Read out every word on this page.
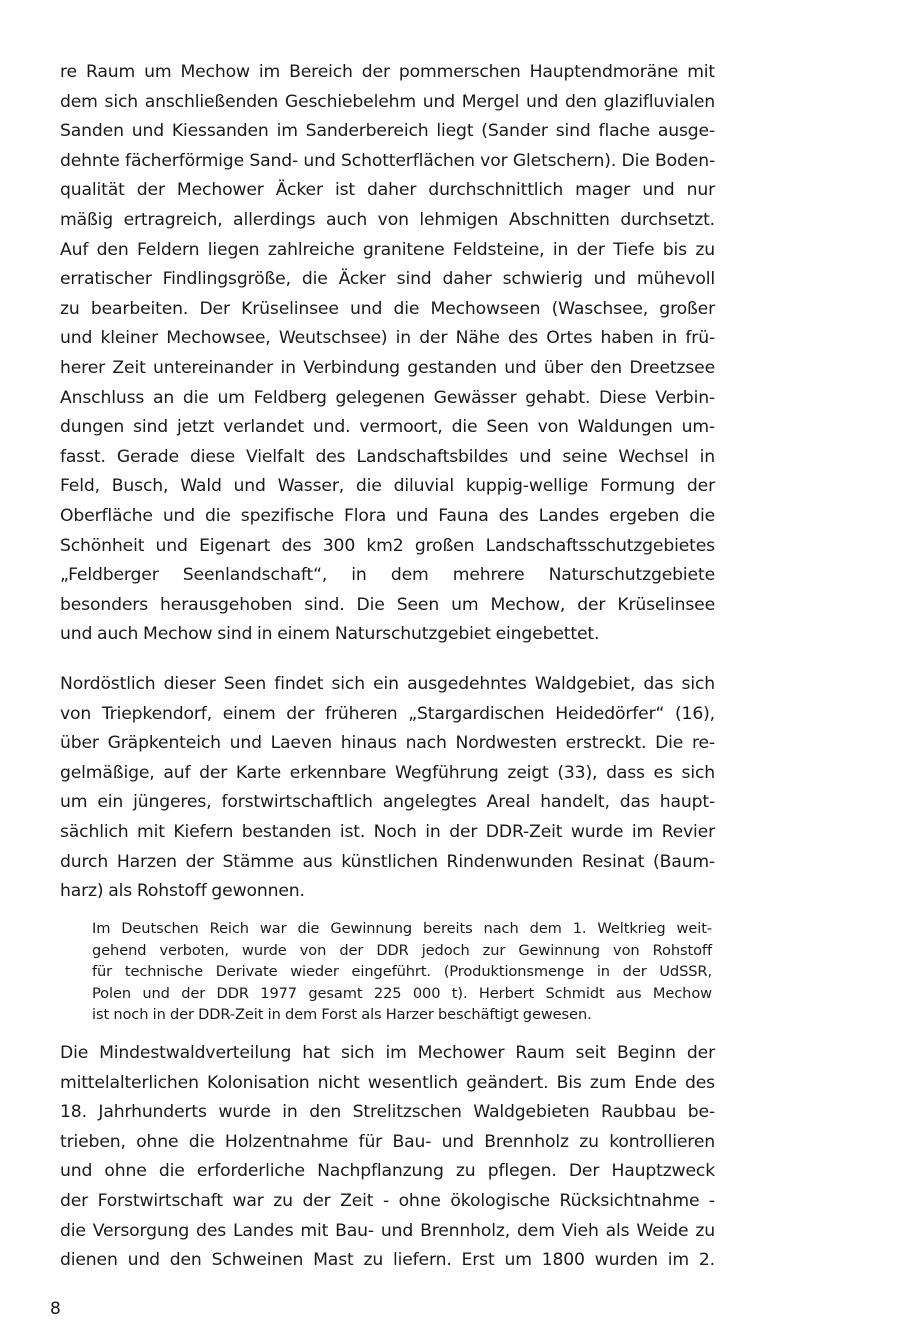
re Raum um Mechow im Bereich der pommerschen Hauptendmoräne mit
dem sich anschließenden Geschiebelehm und Mergel und den glazifluvialen
Sanden und Kiessanden im Sanderbereich liegt (Sander sind flache ausge-
dehnte fächerförmige Sand- und Schotterflächen vor Gletschern). Die Boden-
qualität der Mechower Äcker ist daher durchschnittlich mager und nur
mäßig ertragreich, allerdings auch von lehmigen Abschnitten durchsetzt.
Auf den Feldern liegen zahlreiche granitene Feldsteine, in der Tiefe bis zu
erratischer Findlingsgröße, die Äcker sind daher schwierig und mühevoll
zu bearbeiten. Der Krüselinsee und die Mechowseen (Waschsee, großer
und kleiner Mechowsee, Weutschsee) in der Nähe des Ortes haben in frü-
herer Zeit untereinander in Verbindung gestanden und über den Dreetzsee
Anschluss an die um Feldberg gelegenen Gewässer gehabt. Diese Verbin-
dungen sind jetzt verlandet und. vermoort, die Seen von Waldungen um-
fasst. Gerade diese Vielfalt des Landschaftsbildes und seine Wechsel in
Feld, Busch, Wald und Wasser, die diluvial kuppig-wellige Formung der
Oberfläche und die spezifische Flora und Fauna des Landes ergeben die
Schönheit und Eigenart des 300 km2 großen Landschaftsschutzgebietes
„Feldberger Seenlandschaft“, in dem mehrere Naturschutzgebiete
besonders herausgehoben sind. Die Seen um Mechow, der Krüselinsee
und auch Mechow sind in einem Naturschutzgebiet eingebettet.
Nordöstlich dieser Seen findet sich ein ausgedehntes Waldgebiet, das sich
von Triepkendorf, einem der früheren „Stargardischen Heidedörfer“ (16),
über Gräpkenteich und Laeven hinaus nach Nordwesten erstreckt. Die re-
gelmäßige, auf der Karte erkennbare Wegführung zeigt (33), dass es sich
um ein jüngeres, forstwirtschaftlich angelegtes Areal handelt, das haupt-
sächlich mit Kiefern bestanden ist. Noch in der DDR-Zeit wurde im Revier
durch Harzen der Stämme aus künstlichen Rindenwunden Resinat (Baum-
harz) als Rohstoff gewonnen.
Im Deutschen Reich war die Gewinnung bereits nach dem 1. Weltkrieg weit-
gehend verboten, wurde von der DDR jedoch zur Gewinnung von Rohstoff
für technische Derivate wieder eingeführt. (Produktionsmenge in der UdSSR,
Polen und der DDR 1977 gesamt 225 000 t). Herbert Schmidt aus Mechow
ist noch in der DDR-Zeit in dem Forst als Harzer beschäftigt gewesen.
Die Mindestwaldverteilung hat sich im Mechower Raum seit Beginn der
mittelalterlichen Kolonisation nicht wesentlich geändert. Bis zum Ende des
18. Jahrhunderts wurde in den Strelitzschen Waldgebieten Raubbau be-
trieben, ohne die Holzentnahme für Bau- und Brennholz zu kontrollieren
und ohne die erforderliche Nachpflanzung zu pflegen. Der Hauptzweck
der Forstwirtschaft war zu der Zeit - ohne ökologische Rücksichtnahme -
die Versorgung des Landes mit Bau- und Brennholz, dem Vieh als Weide zu
dienen und den Schweinen Mast zu liefern. Erst um 1800 wurden im 2.
8
